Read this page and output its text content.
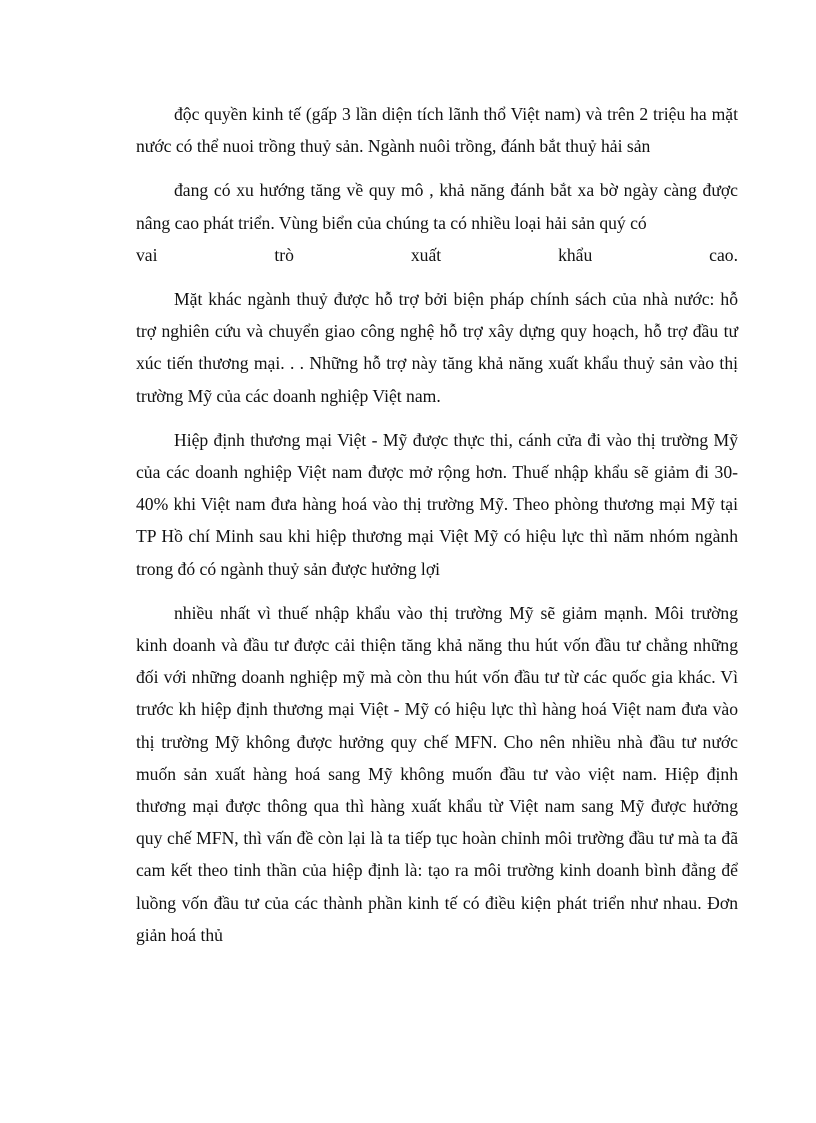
độc quyền kinh tế (gấp 3 lần diện tích lãnh thổ Việt nam) và trên 2 triệu ha mặt nước có thể nuoi trồng thuỷ sản. Ngành nuôi trồng, đánh bắt thuỷ hải sản

đang có xu hướng tăng về quy mô , khả năng đánh bắt xa bờ ngày càng được nâng cao phát triển. Vùng biển của chúng ta có nhiều loại hải sản quý có

vai	trò	xuất	khẩu	cao.

Mặt khác ngành thuỷ được hỗ trợ bởi biện pháp chính sách của nhà nước: hỗ trợ nghiên cứu và chuyển giao công nghệ hỗ trợ xây dựng quy hoạch, hỗ trợ đầu tư xúc tiến thương mại. . . Những hỗ trợ này tăng khả năng xuất khẩu thuỷ sản vào thị trường Mỹ của các doanh nghiệp Việt nam.

Hiệp định thương mại Việt - Mỹ được thực thi, cánh cửa đi vào thị trường Mỹ của các doanh nghiệp Việt nam được mở rộng hơn. Thuế nhập khẩu sẽ giảm đi 30-40% khi Việt nam đưa hàng hoá vào thị trường Mỹ. Theo phòng thương mại Mỹ tại TP Hồ chí Minh sau khi hiệp thương mại Việt Mỹ có hiệu lực thì năm nhóm ngành trong đó có ngành thuỷ sản được hưởng lợi

nhiều nhất vì thuế nhập khẩu vào thị trường Mỹ sẽ giảm mạnh. Môi trường kinh doanh và đầu tư được cải thiện tăng khả năng thu hút vốn đầu tư chẳng những đối với những doanh nghiệp mỹ mà còn thu hút vốn đầu tư từ các quốc gia khác. Vì trước kh hiệp định thương mại Việt - Mỹ có hiệu lực thì hàng hoá Việt nam đưa vào thị trường Mỹ không được hưởng quy chế MFN. Cho nên nhiều nhà đầu tư nước muốn sản xuất hàng hoá sang Mỹ không muốn đầu tư vào việt nam. Hiệp định thương mại được thông qua thì hàng xuất khẩu từ Việt nam sang Mỹ được hưởng quy chế MFN, thì vấn đề còn lại là ta tiếp tục hoàn chỉnh môi trường đầu tư mà ta đã cam kết theo tinh thần của hiệp định là: tạo ra môi trường kinh doanh bình đẳng để luồng vốn đầu tư của các thành phần kinh tế có điều kiện phát triển như nhau. Đơn giản hoá thủ
